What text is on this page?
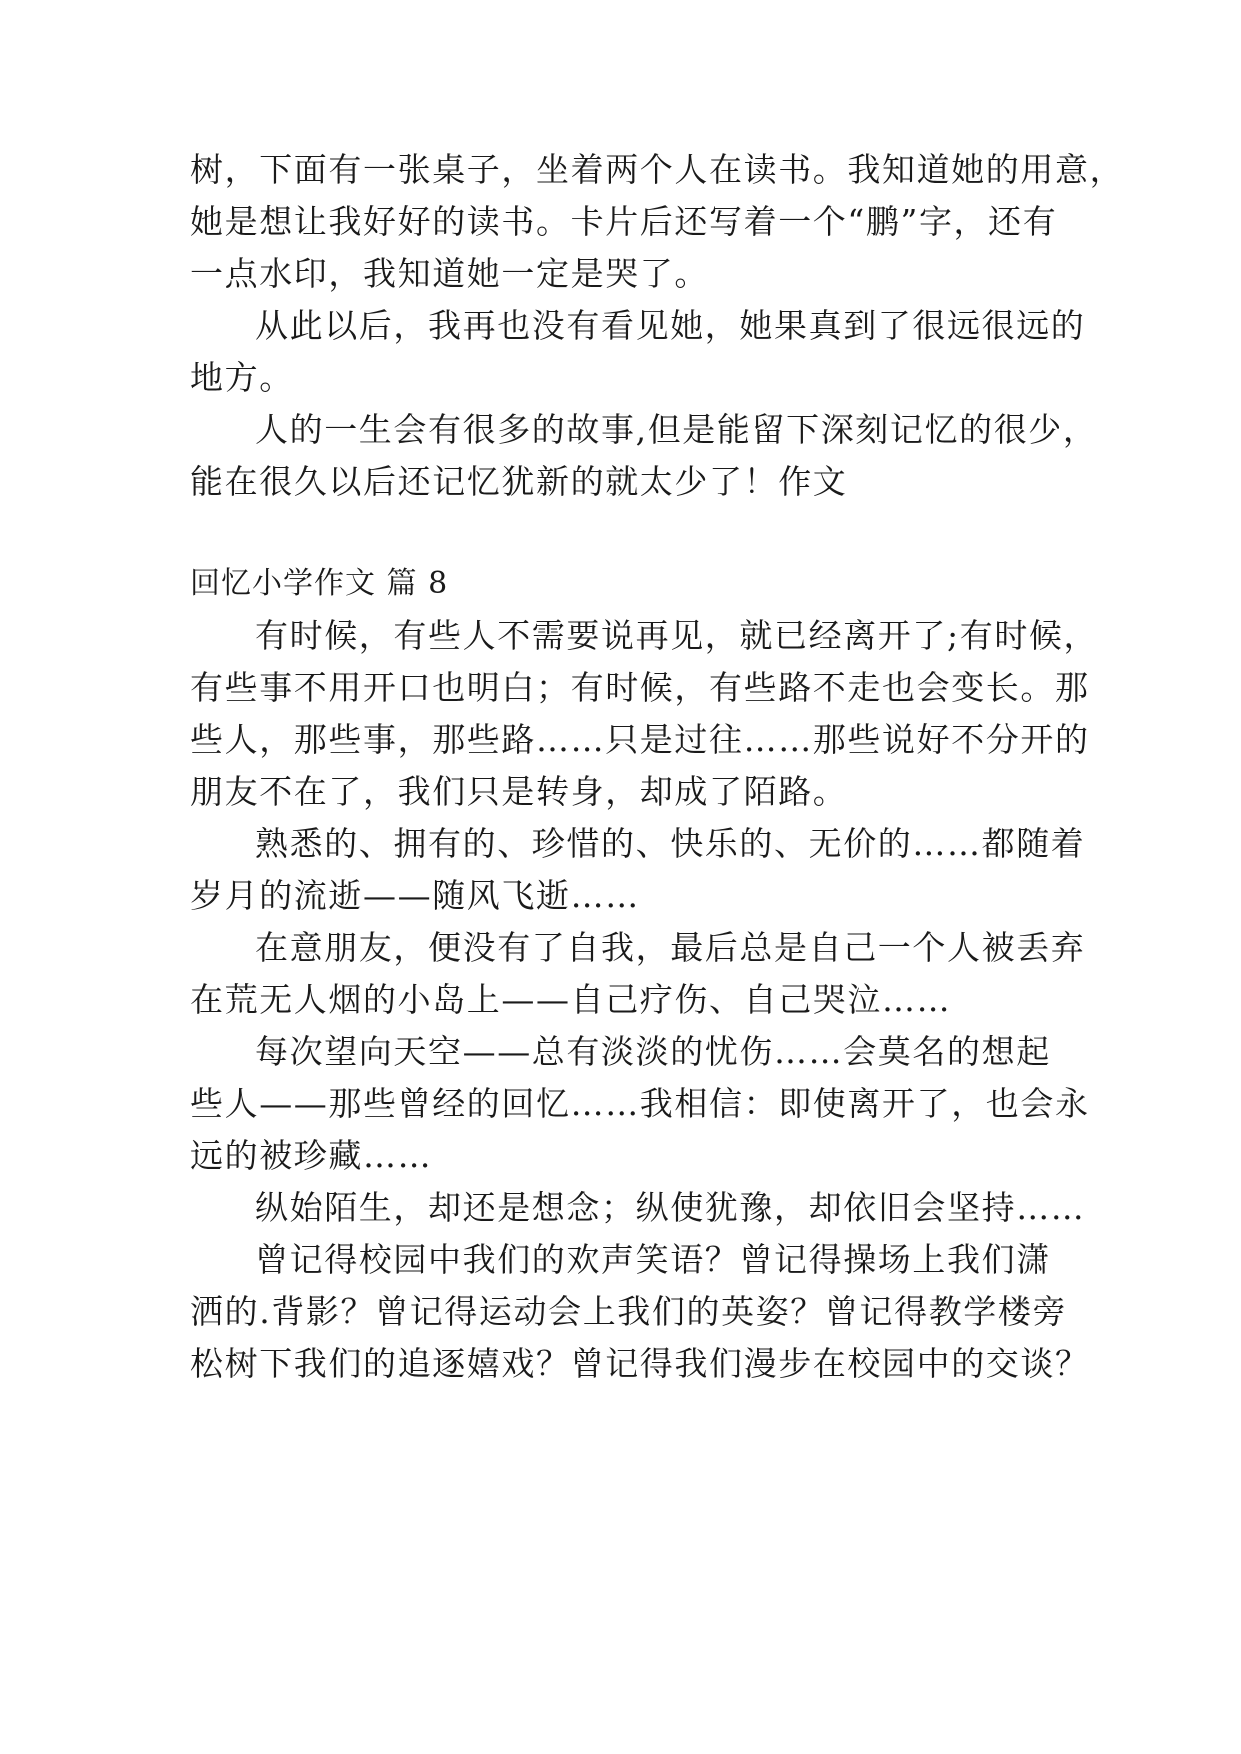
树，下面有一张桌子，坐着两个人在读书。我知道她的用意，
她是想让我好好的读书。卡片后还写着一个“鹏”字，还有
一点水印，我知道她一定是哭了。
从此以后，我再也没有看见她，她果真到了很远很远的
地方。
人的一生会有很多的故事,但是能留下深刻记忆的很少，
能在很久以后还记忆犹新的就太少了！作文
回忆小学作文 篇 8
有时候，有些人不需要说再见，就已经离开了;有时候，
有些事不用开口也明白；有时候，有些路不走也会变长。那
些人，那些事，那些路……只是过往……那些说好不分开的
朋友不在了，我们只是转身，却成了陌路。
熟悉的、拥有的、珍惜的、快乐的、无价的……都随着
岁月的流逝——随风飞逝……
在意朋友，便没有了自我，最后总是自己一个人被丢弃
在荒无人烟的小岛上——自己疗伤、自己哭泣……
每次望向天空——总有淡淡的忧伤……会莫名的想起
些人——那些曾经的回忆……我相信：即使离开了，也会永
远的被珍藏……
纵始陌生，却还是想念；纵使犹豫，却依旧会坚持……
曾记得校园中我们的欢声笑语？曾记得操场上我们潇
洒的.背影？曾记得运动会上我们的英姿？曾记得教学楼旁
松树下我们的追逐嬉戏？曾记得我们漫步在校园中的交谈？
